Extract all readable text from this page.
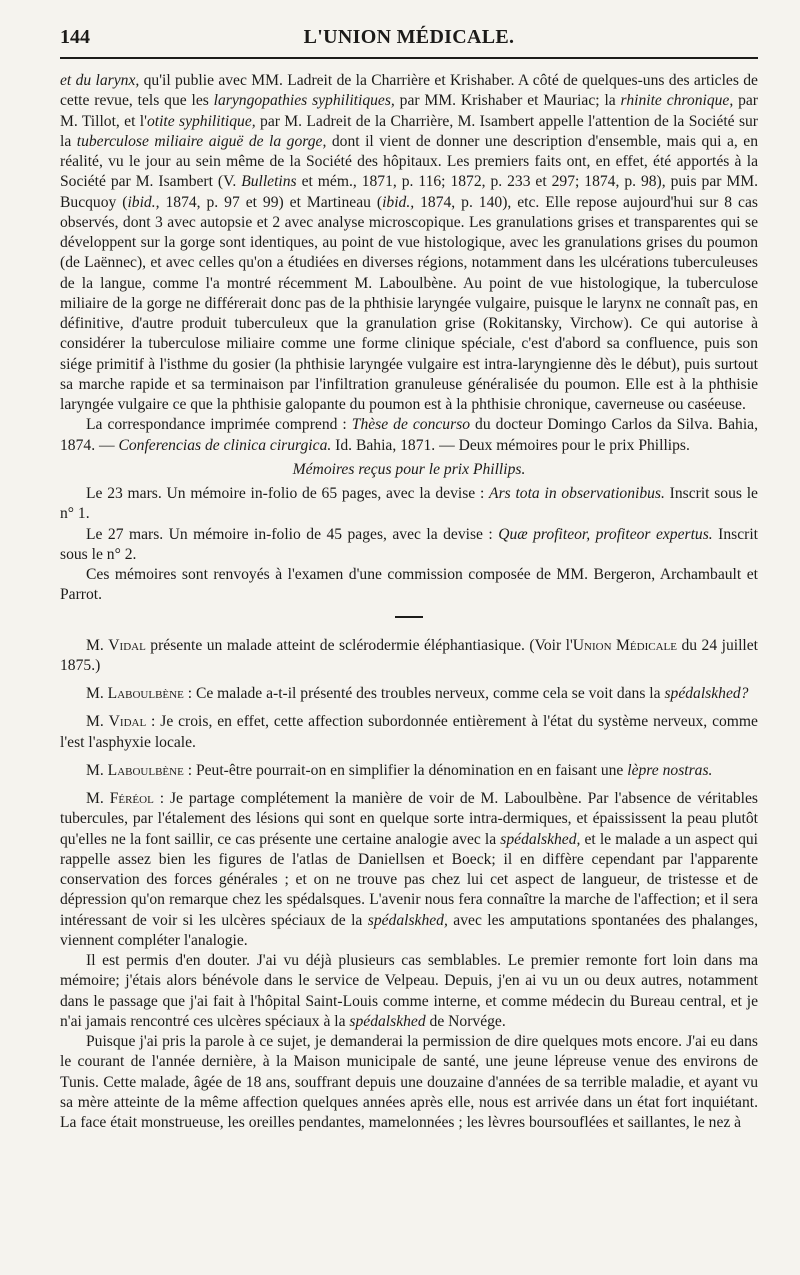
144	L'UNION MÉDICALE.

et du larynx, qu'il publie avec MM. Ladreit de la Charrière et Krishaber. A côté de quelques-uns des articles de cette revue, tels que les laryngopathies syphilitiques, par MM. Krishaber et Mauriac; la rhinite chronique, par M. Tillot, et l'otite syphilitique, par M. Ladreit de la Charrière, M. Isambert appelle l'attention de la Société sur la tuberculose miliaire aiguë de la gorge, dont il vient de donner une description d'ensemble, mais qui a, en réalité, vu le jour au sein même de la Société des hôpitaux. Les premiers faits ont, en effet, été apportés à la Société par M. Isambert (V. Bulletins et mém., 1871, p. 116; 1872, p. 233 et 297; 1874, p. 98), puis par MM. Bucquoy (ibid., 1874, p. 97 et 99) et Martineau (ibid., 1874, p. 140), etc. Elle repose aujourd'hui sur 8 cas observés, dont 3 avec autopsie et 2 avec analyse microscopique. Les granulations grises et transparentes qui se développent sur la gorge sont identiques, au point de vue histologique, avec les granulations grises du poumon (de Laënnec), et avec celles qu'on a étudiées en diverses régions, notamment dans les ulcérations tuberculeuses de la langue, comme l'a montré récemment M. Laboulbène. Au point de vue histologique, la tuberculose miliaire de la gorge ne différerait donc pas de la phthisie laryngée vulgaire, puisque le larynx ne connaît pas, en définitive, d'autre produit tuberculeux que la granulation grise (Rokitansky, Virchow). Ce qui autorise à considérer la tuberculose miliaire comme une forme clinique spéciale, c'est d'abord sa confluence, puis son siége primitif à l'isthme du gosier (la phthisie laryngée vulgaire est intra-laryngienne dès le début), puis surtout sa marche rapide et sa terminaison par l'infiltration granuleuse généralisée du poumon. Elle est à la phthisie laryngée vulgaire ce que la phthisie galopante du poumon est à la phthisie chronique, caverneuse ou caséeuse.

La correspondance imprimée comprend : Thèse de concurso du docteur Domingo Carlos da Silva. Bahia, 1874. — Conferencias de clinica cirurgica. Id. Bahia, 1871. — Deux mémoires pour le prix Phillips.

Mémoires reçus pour le prix Phillips.

Le 23 mars. Un mémoire in-folio de 65 pages, avec la devise : Ars tota in observationibus. Inscrit sous le n° 1.

Le 27 mars. Un mémoire in-folio de 45 pages, avec la devise : Quæ profiteor, profiteor expertus. Inscrit sous le n° 2.

Ces mémoires sont renvoyés à l'examen d'une commission composée de MM. Bergeron, Archambault et Parrot.

M. Vidal présente un malade atteint de sclérodermie éléphantiasique. (Voir l'Union Médicale du 24 juillet 1875.)

M. Laboulbène : Ce malade a-t-il présenté des troubles nerveux, comme cela se voit dans la spédalskhed?

M. Vidal : Je crois, en effet, cette affection subordonnée entièrement à l'état du système nerveux, comme l'est l'asphyxie locale.

M. Laboulbène : Peut-être pourrait-on en simplifier la dénomination en en faisant une lèpre nostras.

M. Féréol : Je partage complétement la manière de voir de M. Laboulbène. Par l'absence de véritables tubercules, par l'étalement des lésions qui sont en quelque sorte intra-dermiques, et épaississent la peau plutôt qu'elles ne la font saillir, ce cas présente une certaine analogie avec la spédalskhed, et le malade a un aspect qui rappelle assez bien les figures de l'atlas de Daniellsen et Boeck; il en diffère cependant par l'apparente conservation des forces générales ; et on ne trouve pas chez lui cet aspect de langueur, de tristesse et de dépression qu'on remarque chez les spédalsques. L'avenir nous fera connaître la marche de l'affection; et il sera intéressant de voir si les ulcères spéciaux de la spédalskhed, avec les amputations spontanées des phalanges, viennent compléter l'analogie.

Il est permis d'en douter. J'ai vu déjà plusieurs cas semblables. Le premier remonte fort loin dans ma mémoire; j'étais alors bénévole dans le service de Velpeau. Depuis, j'en ai vu un ou deux autres, notamment dans le passage que j'ai fait à l'hôpital Saint-Louis comme interne, et comme médecin du Bureau central, et je n'ai jamais rencontré ces ulcères spéciaux à la spédalskhed de Norvége.

Puisque j'ai pris la parole à ce sujet, je demanderai la permission de dire quelques mots encore. J'ai eu dans le courant de l'année dernière, à la Maison municipale de santé, une jeune lépreuse venue des environs de Tunis. Cette malade, âgée de 18 ans, souffrant depuis une douzaine d'années de sa terrible maladie, et ayant vu sa mère atteinte de la même affection quelques années après elle, nous est arrivée dans un état fort inquiétant. La face était monstrueuse, les oreilles pendantes, mamelonnées ; les lèvres boursouflées et saillantes, le nez à
